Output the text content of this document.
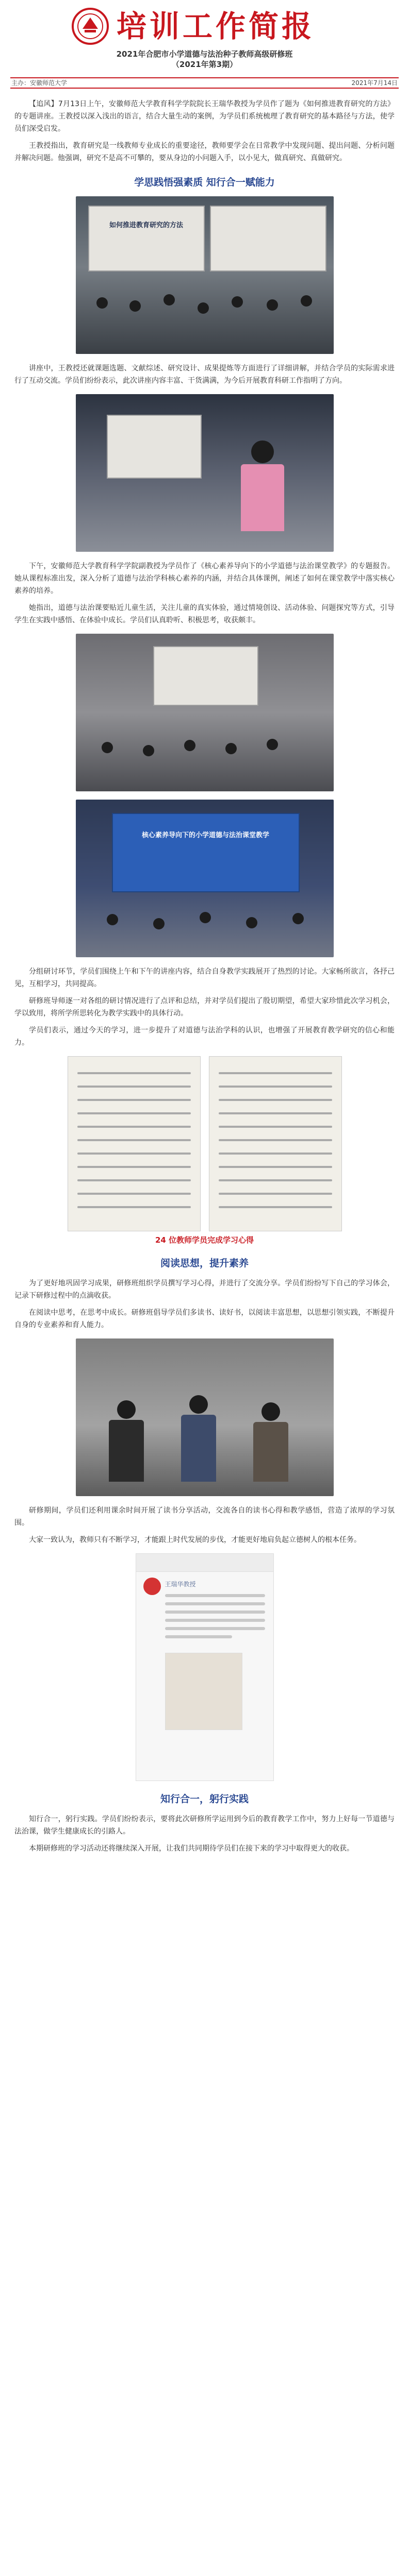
培训工作简报
2021年合肥市小学道德与法治种子教师高级研修班
（2021年第3期）
主办：安徽师范大学	2021年7月14日

【追风】7月13日上午，安徽师范大学教育科学学院院长王瑞华教授为学员作了题为《如何推进教育研究的方法》的专题讲座。王教授以深入浅出的语言，结合大量生动的案例，为学员们系统梳理了教育研究的基本路径与方法，使学员们深受启发。

王教授指出，教育研究是一线教师专业成长的重要途径，教师要学会在日常教学中发现问题、提出问题、分析问题并解决问题。他强调，研究不是高不可攀的，要从身边的小问题入手，以小见大，做真研究、真做研究。

学思践悟强素质 知行合一赋能力
如何推进教育研究的方法

讲座中，王教授还就课题选题、文献综述、研究设计、成果提炼等方面进行了详细讲解，并结合学员的实际需求进行了互动交流。学员们纷纷表示，此次讲座内容丰富、干货满满，为今后开展教育科研工作指明了方向。

下午，安徽师范大学教育科学学院副教授为学员作了《核心素养导向下的小学道德与法治课堂教学》的专题报告。她从课程标准出发，深入分析了道德与法治学科核心素养的内涵，并结合具体课例，阐述了如何在课堂教学中落实核心素养的培养。

她指出，道德与法治课要贴近儿童生活，关注儿童的真实体验，通过情境创设、活动体验、问题探究等方式，引导学生在实践中感悟、在体验中成长。学员们认真聆听、积极思考，收获颇丰。

核心素养导向下的小学道德与法治课堂教学

分组研讨环节，学员们围绕上午和下午的讲座内容，结合自身教学实践展开了热烈的讨论。大家畅所欲言，各抒己见，互相学习，共同提高。

研修班导师逐一对各组的研讨情况进行了点评和总结，并对学员们提出了殷切期望，希望大家珍惜此次学习机会，学以致用，将所学所思转化为教学实践中的具体行动。

学员们表示，通过今天的学习，进一步提升了对道德与法治学科的认识，也增强了开展教育教学研究的信心和能力。

24 位教师学员完成学习心得
阅读思想，提升素养

为了更好地巩固学习成果，研修班组织学员撰写学习心得，并进行了交流分享。学员们纷纷写下自己的学习体会，记录下研修过程中的点滴收获。

在阅读中思考，在思考中成长。研修班倡导学员们多读书、读好书，以阅读丰富思想，以思想引领实践，不断提升自身的专业素养和育人能力。

研修期间，学员们还利用课余时间开展了读书分享活动，交流各自的读书心得和教学感悟，营造了浓厚的学习氛围。

大家一致认为，教师只有不断学习，才能跟上时代发展的步伐，才能更好地肩负起立德树人的根本任务。

王瑞华教授
知行合一，躬行实践

知行合一，躬行实践。学员们纷纷表示，要将此次研修所学运用到今后的教育教学工作中，努力上好每一节道德与法治课，做学生健康成长的引路人。

本期研修班的学习活动还将继续深入开展，让我们共同期待学员们在接下来的学习中取得更大的收获。
